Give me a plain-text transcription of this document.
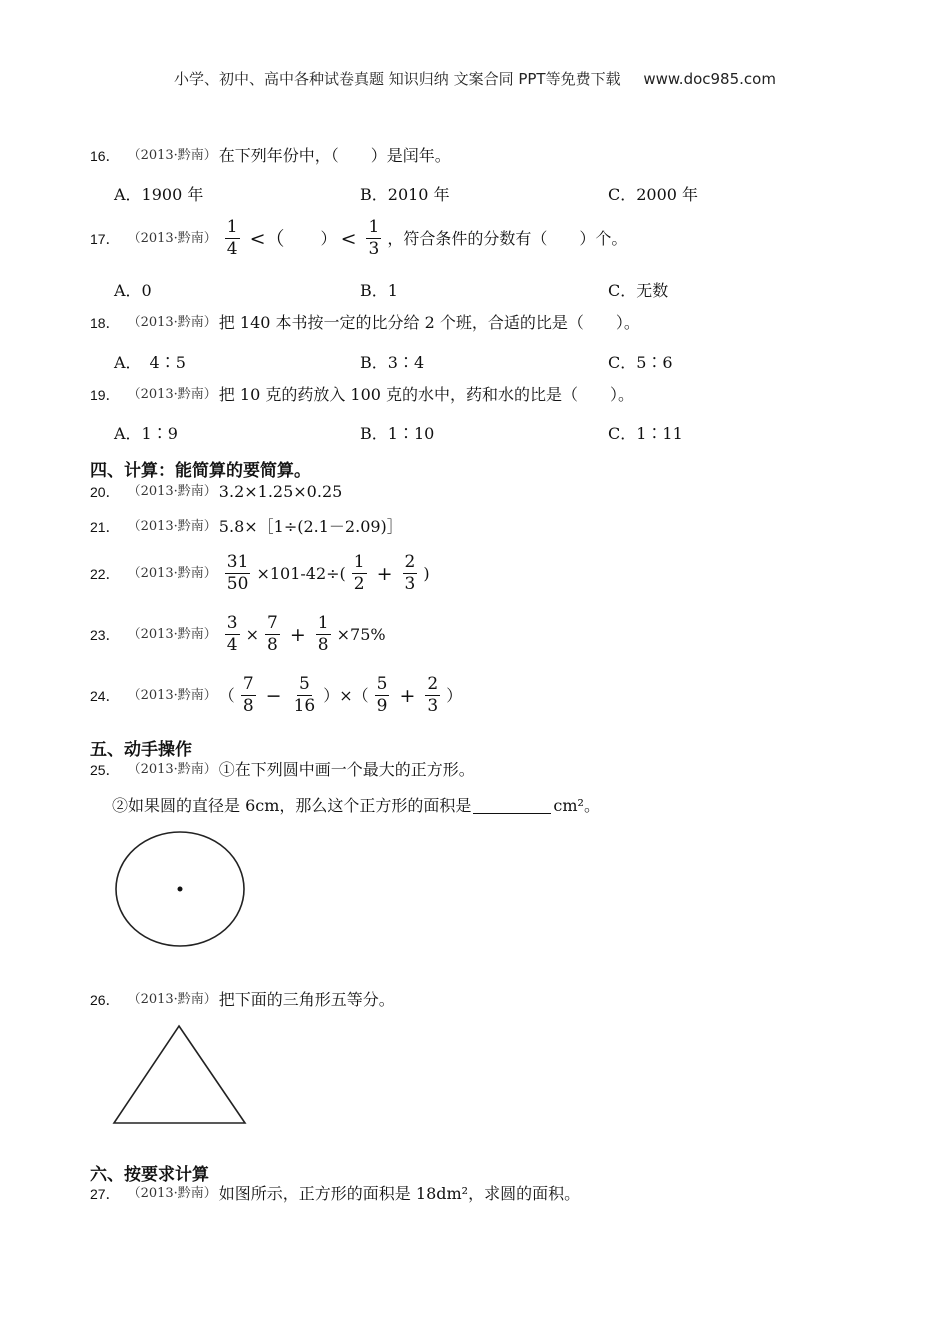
小学、初中、高中各种试卷真题 知识归纳 文案合同 PPT等免费下载 www.doc985.com
16． （2013·黔南） 在下列年份中，（　　）是闰年。
A．1900 年	B．2010 年	C．2000 年
17． （2013·黔南） $\frac{1}{4}$ <（ 　　） < $\frac{1}{3}$ ，符合条件的分数有（　　）个。
A．0	B．1	C．无数
18． （2013·黔南） 把 140 本书按一定的比分给 2 个班，合适的比是（　　）。
A．　4∶5	B．3∶4	C．5∶6
19． （2013·黔南） 把 10 克的药放入 100 克的水中，药和水的比是（　　）。
A．1∶9	B．1∶10	C．1∶11
四、计算：能简算的要简算。
20． （2013·黔南） 3.2×1.25×0.25
21． （2013·黔南） 5.8×［1÷(2.1－2.09)］
22． （2013·黔南） $\frac{31}{50} \times 101-42\div( \frac{1}{2} + \frac{2}{3}$ )
23． （2013·黔南） $\frac{3}{4} \times \frac{7}{8} + \frac{1}{8} \times 75\%$
24． （2013·黔南） （ $\frac{7}{8} - \frac{5}{16}$ ）×（ $\frac{5}{9} + \frac{2}{3}$ ）
五、动手操作
25． （2013·黔南） ①在下列圆中画一个最大的正方形。
②如果圆的直径是 6cm，那么这个正方形的面积是	cm²。
26． （2013·黔南） 把下面的三角形五等分。
六、按要求计算
27． （2013·黔南） 如图所示，正方形的面积是 18dm²，求圆的面积。
